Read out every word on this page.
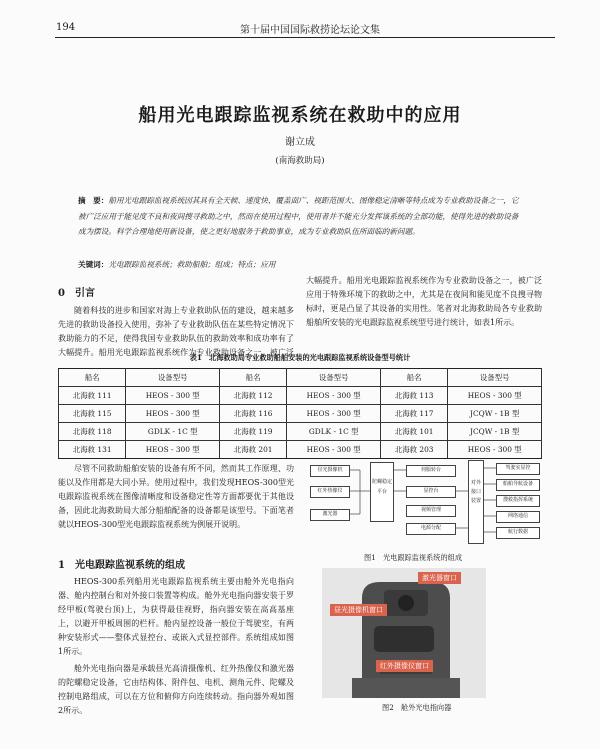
194	第十届中国国际救捞论坛论文集
船用光电跟踪监视系统在救助中的应用
谢立成
(南海救助局)
摘　要：船用光电跟踪监视系统因其具有全天候、速度快、覆盖面广、视距范围大、图像稳定清晰等特点成为专业救助设备之一，它被广泛应用于能见度不良和夜间搜寻救助之中，然而在使用过程中，使用者并不能充分发挥该系统的全部功能，使得先进的救助设备成为摆设。科学合理地使用新设备，使之更好地服务于救助事业，成为专业救助队伍所面临的新问题。
关键词：光电跟踪监视系统；救助船舶；组成；特点；应用
0　引言
随着科技的进步和国家对海上专业救助队伍的建设，越来越多先进的救助设备投入使用，弥补了专业救助队伍在某些特定情况下救助能力的不足，使得我国专业救助队伍的救助效率和成功率有了大幅提升。船用光电跟踪监视系统作为专业救助设备之一，被广泛
大幅提升。船用光电跟踪监视系统作为专业救助设备之一，被广泛应用于特殊环境下的救助之中，尤其是在夜间和能见度不良搜寻物标时，更是凸显了其设备的实用性。笔者对北海救助局各专业救助船舶所安装的光电跟踪监视系统型号进行统计，如表1所示。
表1　北海救助局专业救助船舶安装的光电跟踪监视系统设备型号统计
船名	设备型号	船名	设备型号	船名	设备型号
北海救 111	HEOS - 300 型	北海救 112	HEOS - 300 型	北海救 113	HEOS - 300 型
北海救 115	HEOS - 300 型	北海救 116	HEOS - 300 型	北海救 117	JCQW - 1B 型
北海救 118	GDLK - 1C 型	北海救 119	GDLK - 1C 型	北海救 101	JCQW - 1B 型
北海救 131	HEOS - 300 型	北海救 201	HEOS - 300 型	北海救 203	HEOS - 300 型
尽管不同救助船舶安装的设备有所不同，然而其工作原理、功能以及作用都是大同小异。使用过程中，我们发现HEOS-300型光电跟踪监视系统在图像清晰度和设备稳定性等方面都要优于其他设备，因此北海救助局大部分船舶配备的设备都是该型号。下面笔者就以HEOS-300型光电跟踪监视系统为例展开说明。
1　光电跟踪监视系统的组成
HEOS-300系列船用光电跟踪监视系统主要由舱外光电指向器、舱内控制台和对外接口装置等构成。舱外光电指向器安装于罗经甲板(驾驶台顶)上，为获得最佳视野，指向器安装在高高基座上，以避开甲板周围的栏杆。舱内显控设备一般位于驾驶室，有两种安装形式——整体式显控台、或嵌入式显控部件。系统组成如图1所示。
舱外光电指向器是承载昼光高清摄像机、红外热像仪和激光器的陀螺稳定设备，它由结构体、附件包、电机、测角元件、陀螺及控制电路组成，可以在方位和俯仰方向连续转动。指向器外观如图2所示。
昼光摄像机
红外热像仪
激光器
陀螺稳定平台
伺服转台
显控台
视频管理
电源分配
对外接口装置
驾驶室显控
船舶导航设备
搜救指挥系统
网络通信
航行数据
图1　光电跟踪监视系统的组成
激光器窗口
昼光摄像机窗口
红外摄像仪窗口
图2　舱外光电指向器
